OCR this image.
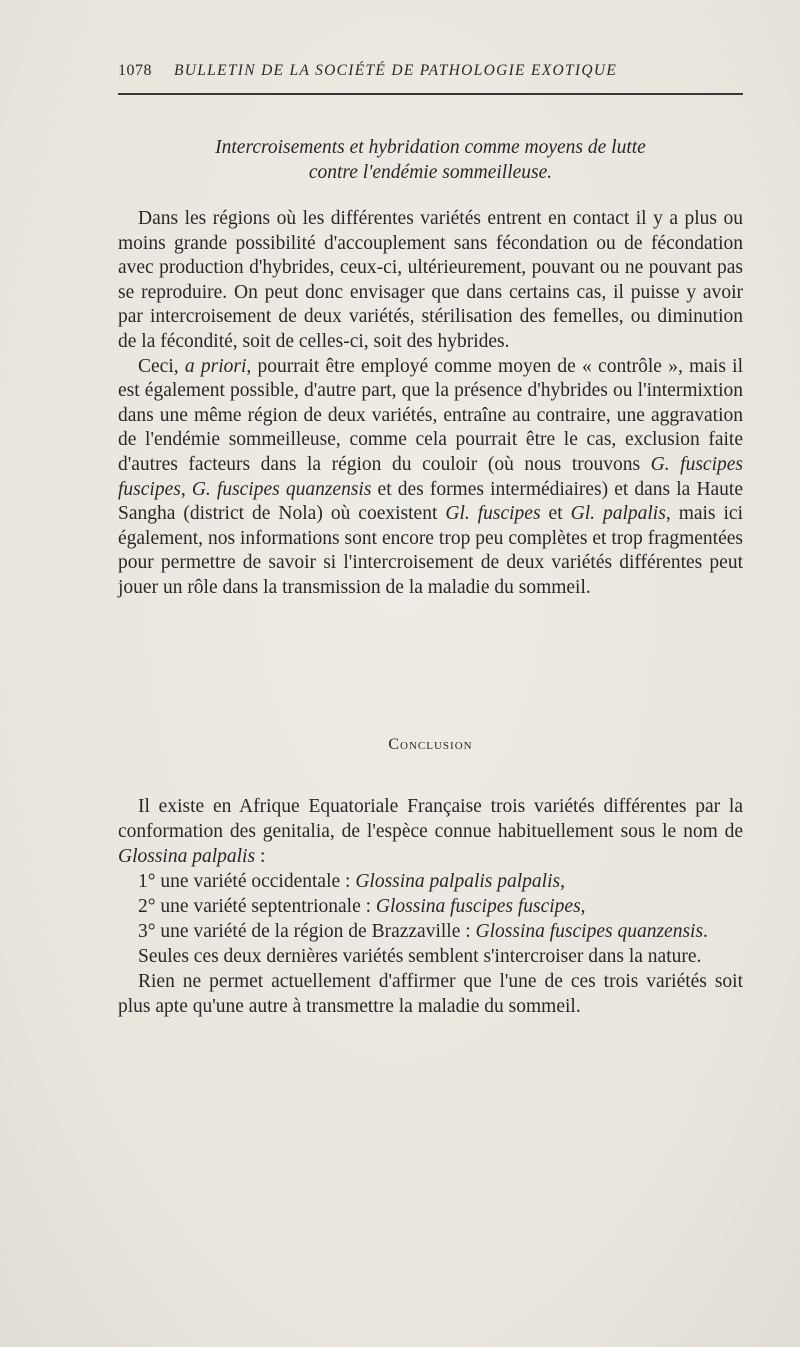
1078 BULLETIN DE LA SOCIÉTÉ DE PATHOLOGIE EXOTIQUE
Intercroisements et hybridation comme moyens de lutte
contre l'endémie sommeilleuse.

Dans les régions où les différentes variétés entrent en contact il y a plus ou moins grande possibilité d'accouplement sans fécondation ou de fécondation avec production d'hybrides, ceux-ci, ultérieurement, pouvant ou ne pouvant pas se reproduire. On peut donc envisager que dans certains cas, il puisse y avoir par intercroisement de deux variétés, stérilisation des femelles, ou diminution de la fécondité, soit de celles-ci, soit des hybrides.

Ceci, a priori, pourrait être employé comme moyen de « contrôle », mais il est également possible, d'autre part, que la présence d'hybrides ou l'intermixtion dans une même région de deux variétés, entraîne au contraire, une aggravation de l'endémie sommeilleuse, comme cela pourrait être le cas, exclusion faite d'autres facteurs dans la région du couloir (où nous trouvons G. fuscipes fuscipes, G. fuscipes quanzensis et des formes intermédiaires) et dans la Haute Sangha (district de Nola) où coexistent Gl. fuscipes et Gl. palpalis, mais ici également, nos informations sont encore trop peu complètes et trop fragmentées pour permettre de savoir si l'intercroisement de deux variétés différentes peut jouer un rôle dans la transmission de la maladie du sommeil.

Conclusion

Il existe en Afrique Equatoriale Française trois variétés différentes par la conformation des genitalia, de l'espèce connue habituellement sous le nom de Glossina palpalis :

1° une variété occidentale : Glossina palpalis palpalis,

2° une variété septentrionale : Glossina fuscipes fuscipes,

3° une variété de la région de Brazzaville : Glossina fuscipes quanzensis.

Seules ces deux dernières variétés semblent s'intercroiser dans la nature.

Rien ne permet actuellement d'affirmer que l'une de ces trois variétés soit plus apte qu'une autre à transmettre la maladie du sommeil.
